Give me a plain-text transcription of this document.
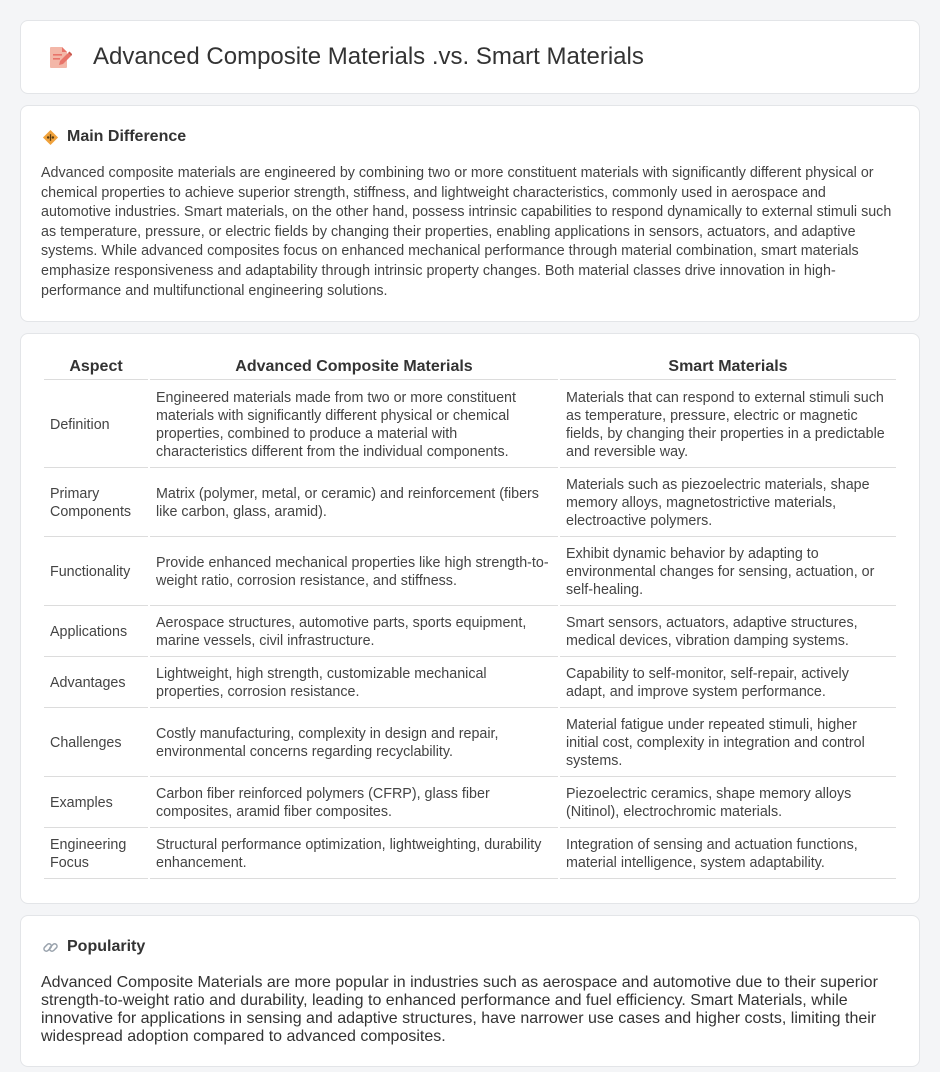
Advanced Composite Materials .vs. Smart Materials
Main Difference

Advanced composite materials are engineered by combining two or more constituent materials with significantly different physical or chemical properties to achieve superior strength, stiffness, and lightweight characteristics, commonly used in aerospace and automotive industries. Smart materials, on the other hand, possess intrinsic capabilities to respond dynamically to external stimuli such as temperature, pressure, or electric fields by changing their properties, enabling applications in sensors, actuators, and adaptive systems. While advanced composites focus on enhanced mechanical performance through material combination, smart materials emphasize responsiveness and adaptability through intrinsic property changes. Both material classes drive innovation in high-performance and multifunctional engineering solutions.

Aspect	Advanced Composite Materials	Smart Materials
Definition	Engineered materials made from two or more constituent materials with significantly different physical or chemical properties, combined to produce a material with characteristics different from the individual components.	Materials that can respond to external stimuli such as temperature, pressure, electric or magnetic fields, by changing their properties in a predictable and reversible way.
Primary Components	Matrix (polymer, metal, or ceramic) and reinforcement (fibers like carbon, glass, aramid).	Materials such as piezoelectric materials, shape memory alloys, magnetostrictive materials, electroactive polymers.
Functionality	Provide enhanced mechanical properties like high strength-to-weight ratio, corrosion resistance, and stiffness.	Exhibit dynamic behavior by adapting to environmental changes for sensing, actuation, or self-healing.
Applications	Aerospace structures, automotive parts, sports equipment, marine vessels, civil infrastructure.	Smart sensors, actuators, adaptive structures, medical devices, vibration damping systems.
Advantages	Lightweight, high strength, customizable mechanical properties, corrosion resistance.	Capability to self-monitor, self-repair, actively adapt, and improve system performance.
Challenges	Costly manufacturing, complexity in design and repair, environmental concerns regarding recyclability.	Material fatigue under repeated stimuli, higher initial cost, complexity in integration and control systems.
Examples	Carbon fiber reinforced polymers (CFRP), glass fiber composites, aramid fiber composites.	Piezoelectric ceramics, shape memory alloys (Nitinol), electrochromic materials.
Engineering Focus	Structural performance optimization, lightweighting, durability enhancement.	Integration of sensing and actuation functions, material intelligence, system adaptability.
Popularity

Advanced Composite Materials are more popular in industries such as aerospace and automotive due to their superior strength-to-weight ratio and durability, leading to enhanced performance and fuel efficiency. Smart Materials, while innovative for applications in sensing and adaptive structures, have narrower use cases and higher costs, limiting their widespread adoption compared to advanced composites.
